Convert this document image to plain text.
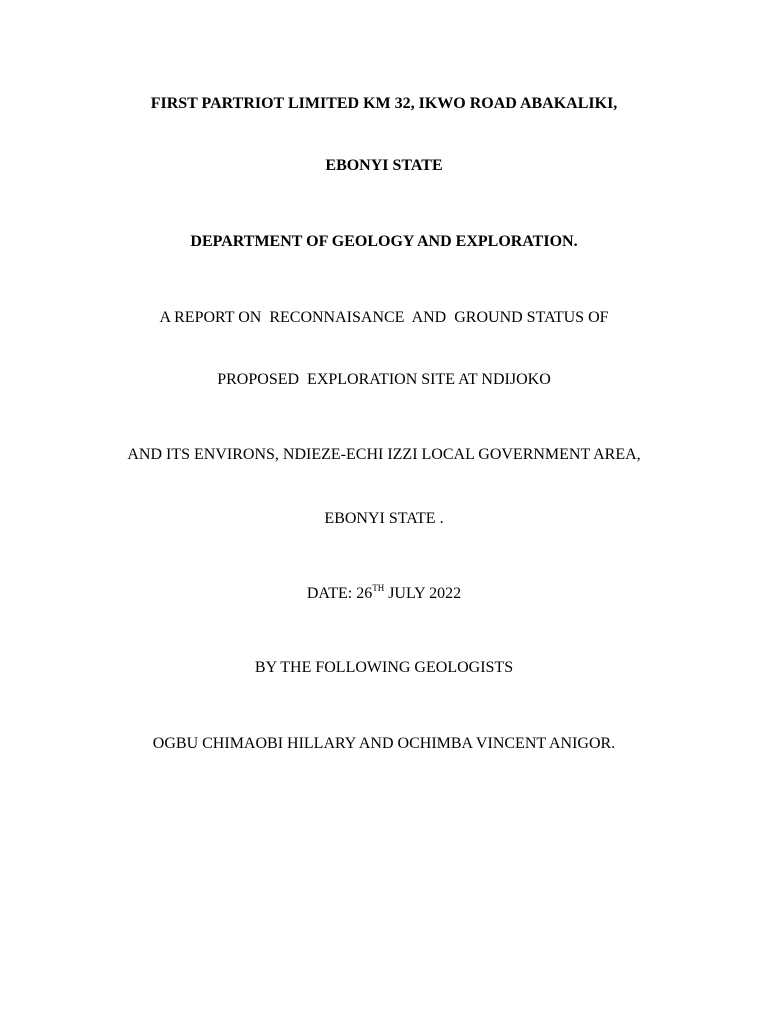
FIRST PARTRIOT LIMITED KM 32, IKWO ROAD ABAKALIKI,
EBONYI STATE
DEPARTMENT OF GEOLOGY AND EXPLORATION.
A REPORT ON  RECONNAISANCE  AND  GROUND STATUS OF
PROPOSED  EXPLORATION SITE AT NDIJOKO
AND ITS ENVIRONS, NDIEZE-ECHI IZZI LOCAL GOVERNMENT AREA,
EBONYI STATE .
DATE: 26TH JULY 2022
BY THE FOLLOWING GEOLOGISTS
OGBU CHIMAOBI HILLARY AND OCHIMBA VINCENT ANIGOR.
